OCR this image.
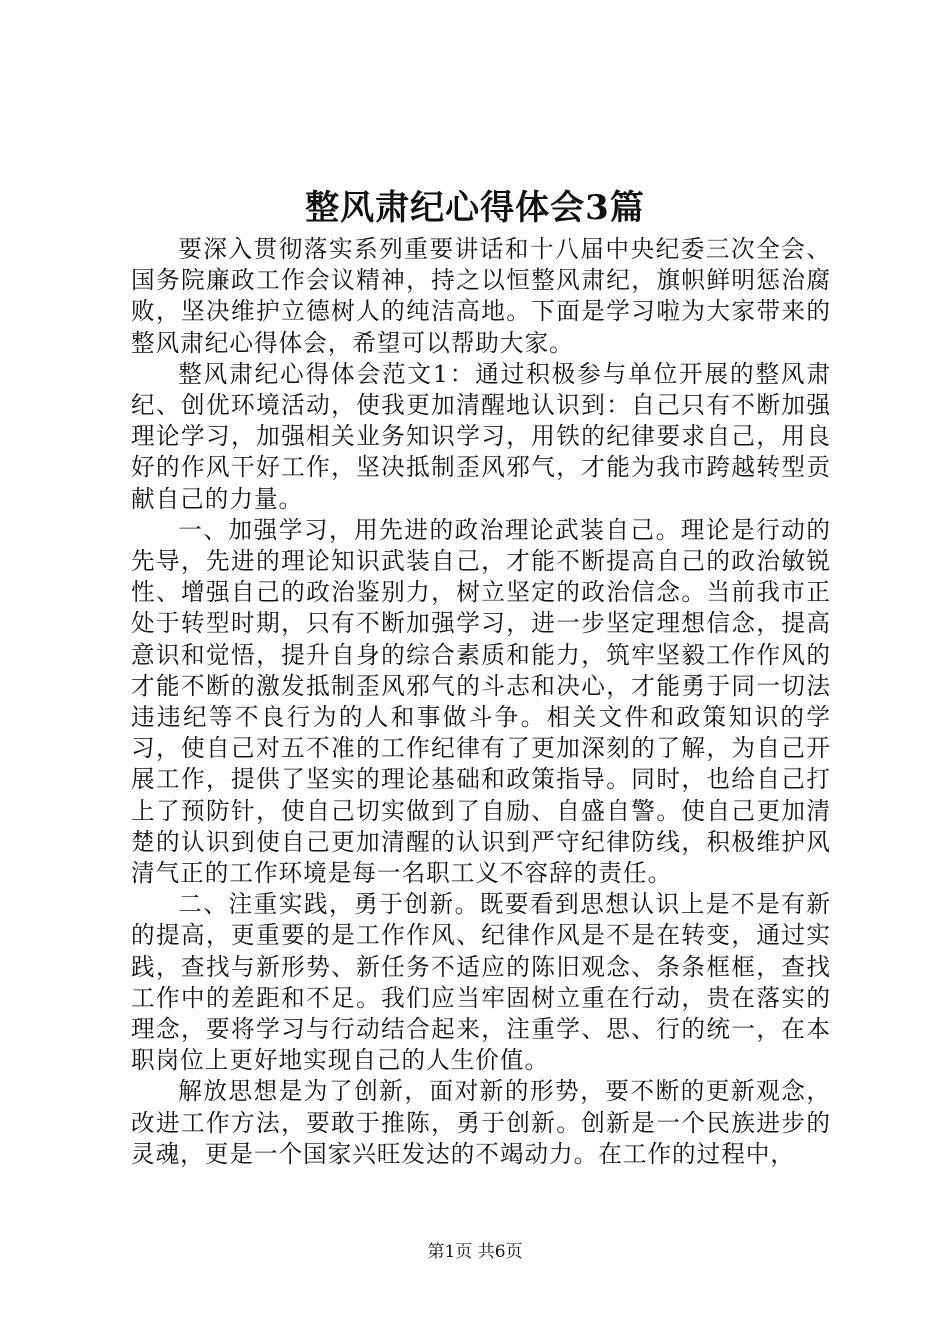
整风肃纪心得体会3篇

要深入贯彻落实系列重要讲话和十八届中央纪委三次全会、国务院廉政工作会议精神，持之以恒整风肃纪，旗帜鲜明惩治腐败，坚决维护立德树人的纯洁高地。下面是学习啦为大家带来的整风肃纪心得体会，希望可以帮助大家。

整风肃纪心得体会范文1：通过积极参与单位开展的整风肃纪、创优环境活动，使我更加清醒地认识到：自己只有不断加强理论学习，加强相关业务知识学习，用铁的纪律要求自己，用良好的作风干好工作，坚决抵制歪风邪气，才能为我市跨越转型贡献自己的力量。

一、加强学习，用先进的政治理论武装自己。理论是行动的先导，先进的理论知识武装自己，才能不断提高自己的政治敏锐性、增强自己的政治鉴别力，树立坚定的政治信念。当前我市正处于转型时期，只有不断加强学习，进一步坚定理想信念，提高意识和觉悟，提升自身的综合素质和能力，筑牢坚毅工作作风的才能不断的激发抵制歪风邪气的斗志和决心，才能勇于同一切法违违纪等不良行为的人和事做斗争。相关文件和政策知识的学习，使自己对五不准的工作纪律有了更加深刻的了解，为自己开展工作，提供了坚实的理论基础和政策指导。同时，也给自己打上了预防针，使自己切实做到了自励、自盛自警。使自己更加清楚的认识到使自己更加清醒的认识到严守纪律防线，积极维护风清气正的工作环境是每一名职工义不容辞的责任。

二、注重实践，勇于创新。既要看到思想认识上是不是有新的提高，更重要的是工作作风、纪律作风是不是在转变，通过实践，查找与新形势、新任务不适应的陈旧观念、条条框框，查找工作中的差距和不足。我们应当牢固树立重在行动，贵在落实的理念，要将学习与行动结合起来，注重学、思、行的统一，在本职岗位上更好地实现自己的人生价值。

解放思想是为了创新，面对新的形势，要不断的更新观念，改进工作方法，要敢于推陈，勇于创新。创新是一个民族进步的灵魂，更是一个国家兴旺发达的不竭动力。在工作的过程中，

第1页 共6页
